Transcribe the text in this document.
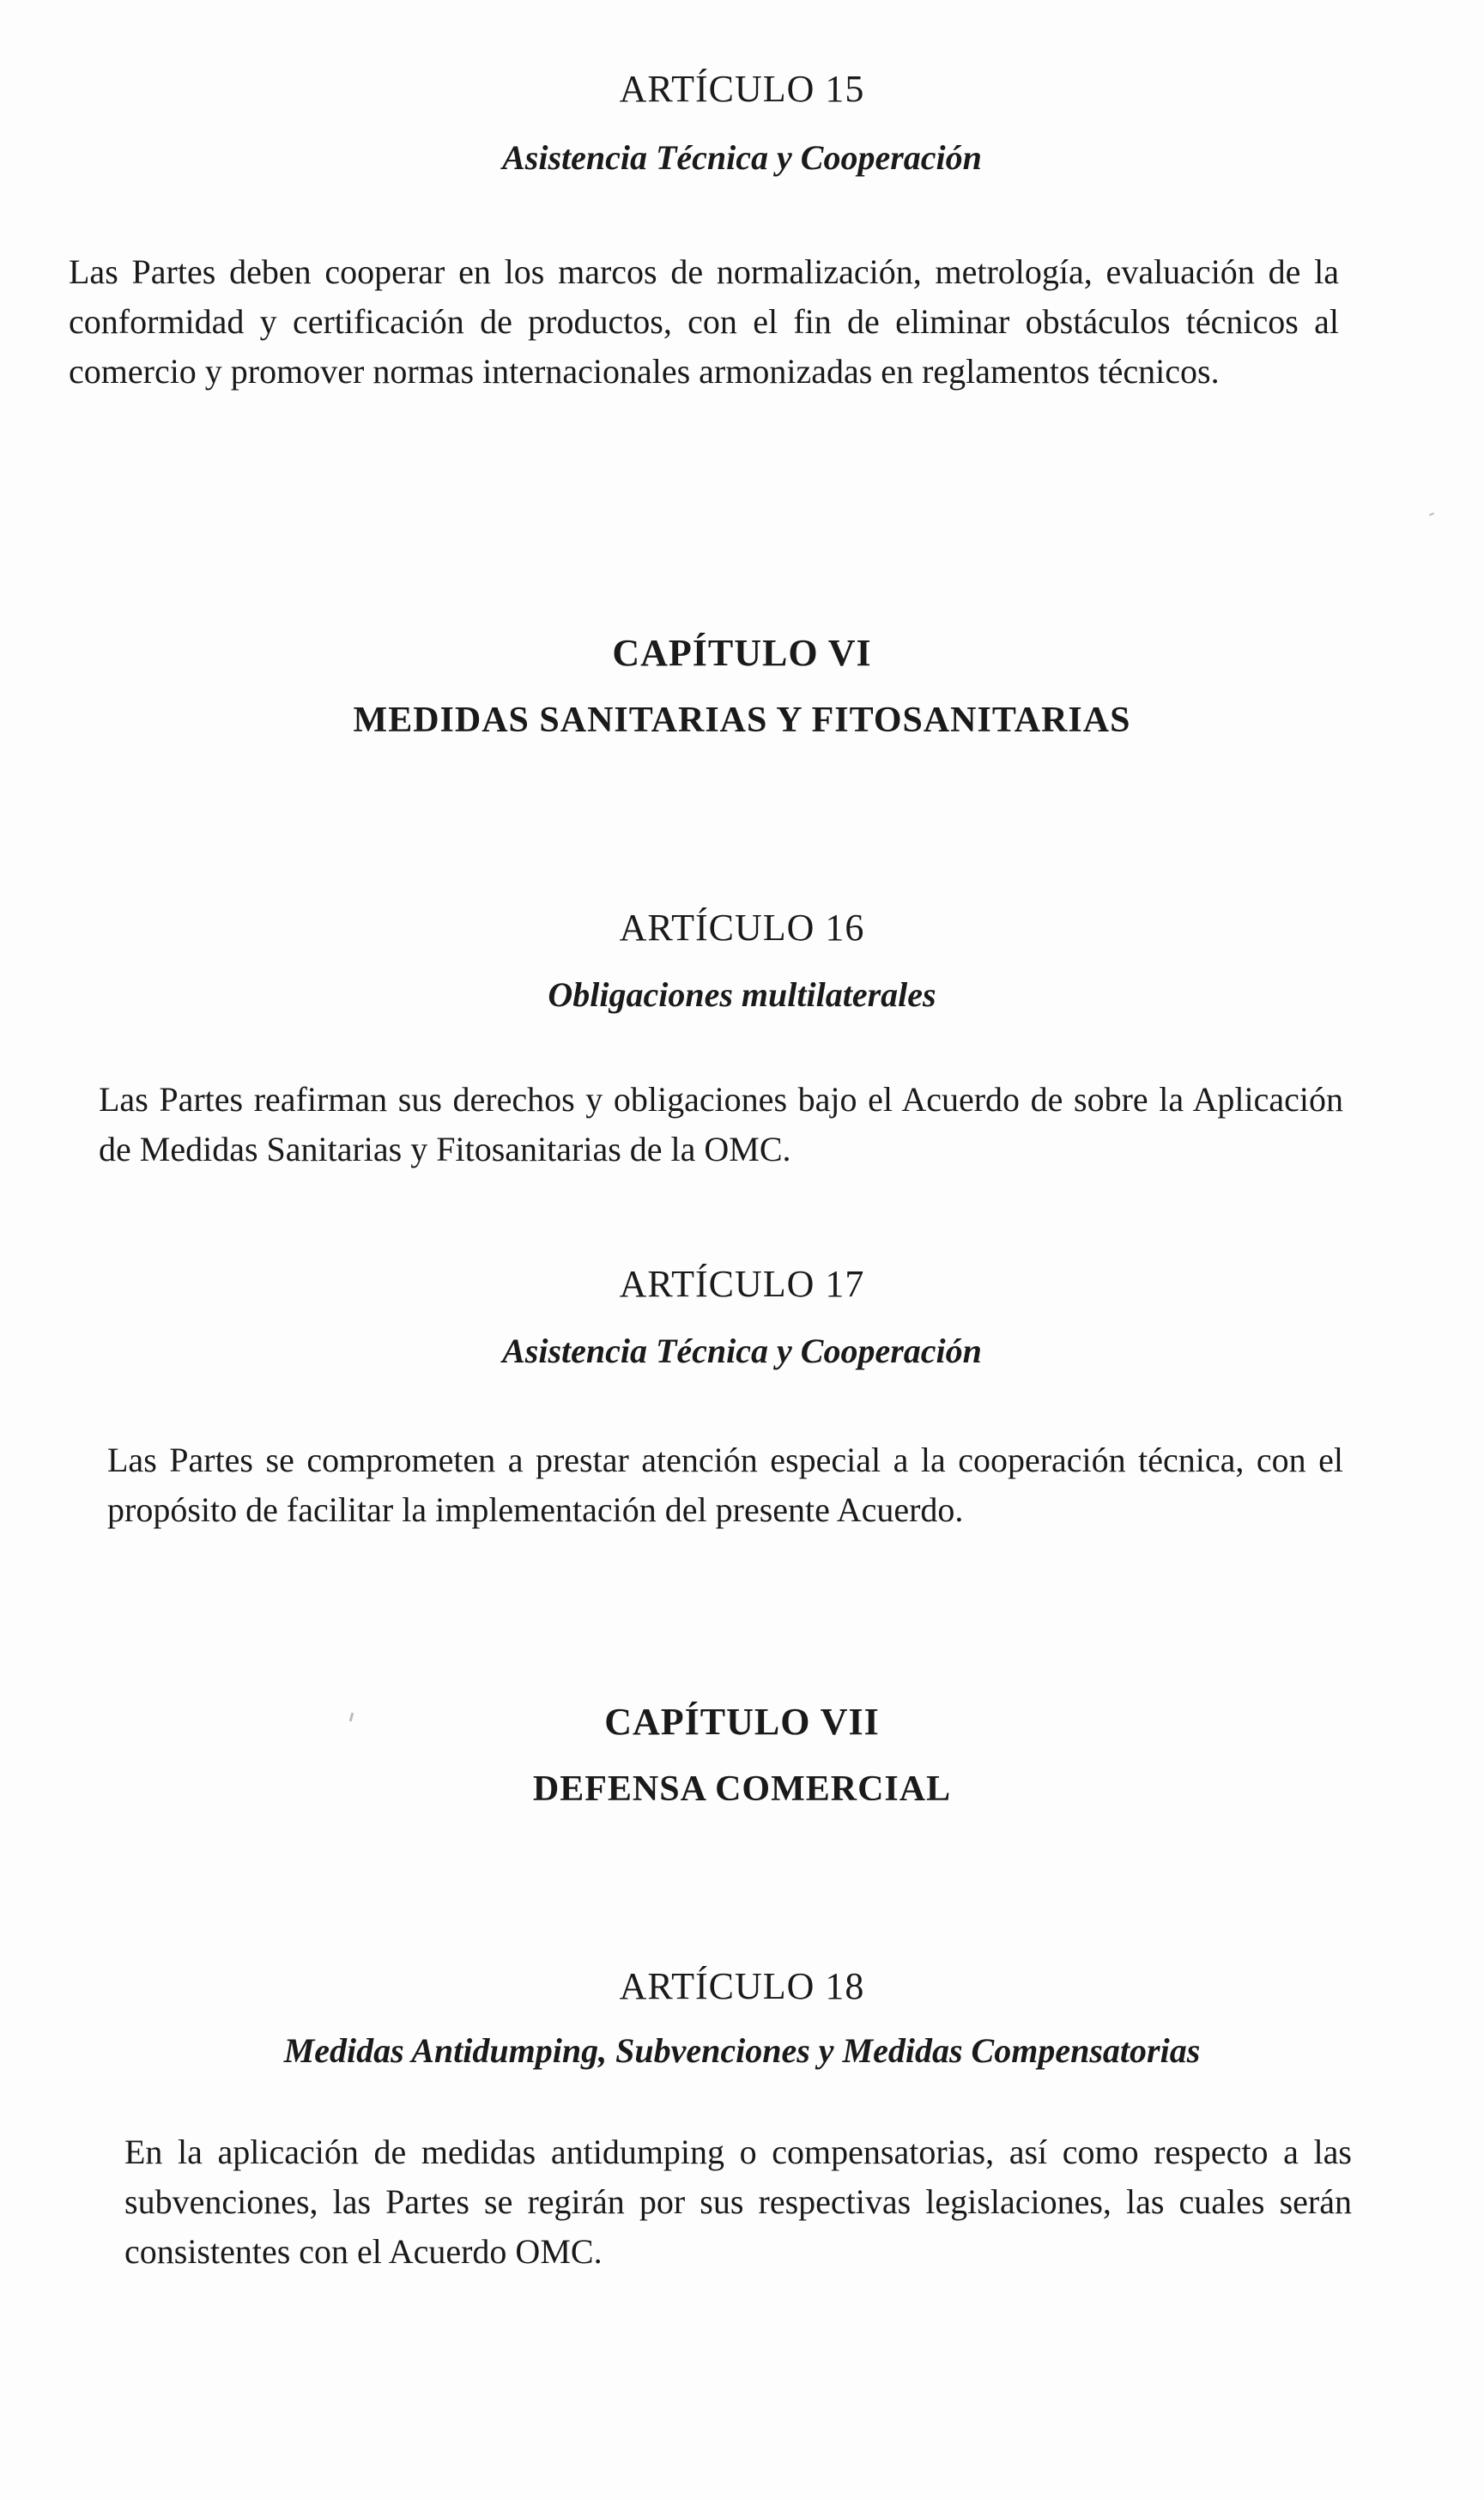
ARTÍCULO 15
Asistencia Técnica y Cooperación

Las Partes deben cooperar en los marcos de normalización, metrología, evaluación de la conformidad y certificación de productos, con el fin de eliminar obstáculos técnicos al comercio y promover normas internacionales armonizadas en reglamentos técnicos.

CAPÍTULO VI
MEDIDAS SANITARIAS Y FITOSANITARIAS
ARTÍCULO 16
Obligaciones multilaterales

Las Partes reafirman sus derechos y obligaciones bajo el Acuerdo de sobre la Aplicación de Medidas Sanitarias y Fitosanitarias de la OMC.

ARTÍCULO 17
Asistencia Técnica y Cooperación

Las Partes se comprometen a prestar atención especial a la cooperación técnica, con el propósito de facilitar la implementación del presente Acuerdo.

CAPÍTULO VII
DEFENSA COMERCIAL
ARTÍCULO 18
Medidas Antidumping, Subvenciones y Medidas Compensatorias

En la aplicación de medidas antidumping o compensatorias, así como respecto a las subvenciones, las Partes se regirán por sus respectivas legislaciones, las cuales serán consistentes con el Acuerdo OMC.
